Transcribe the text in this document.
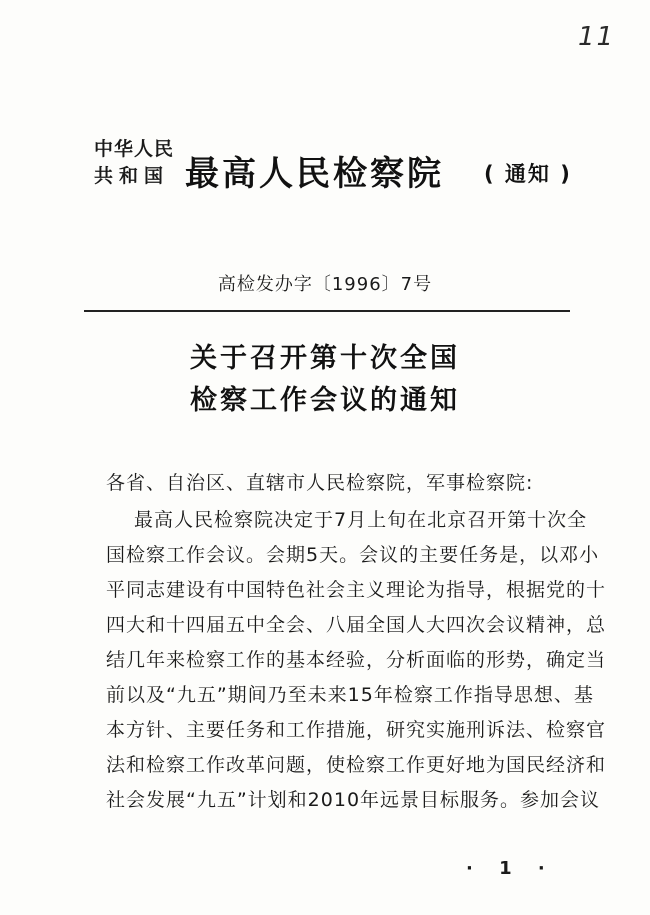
11
中华人民
共和国 最高人民检察院 ( 通知 )
高检发办字〔1996〕7号
关于召开第十次全国
检察工作会议的通知
各省、自治区、直辖市人民检察院，军事检察院:
最高人民检察院决定于7月上旬在北京召开第十次全
国检察工作会议。会期5天。会议的主要任务是，以邓小
平同志建设有中国特色社会主义理论为指导，根据党的十
四大和十四届五中全会、八届全国人大四次会议精神，总
结几年来检察工作的基本经验，分析面临的形势，确定当
前以及“九五”期间乃至未来15年检察工作指导思想、基
本方针、主要任务和工作措施，研究实施刑诉法、检察官
法和检察工作改革问题，使检察工作更好地为国民经济和
社会发展“九五”计划和2010年远景目标服务。参加会议
· 1 ·
